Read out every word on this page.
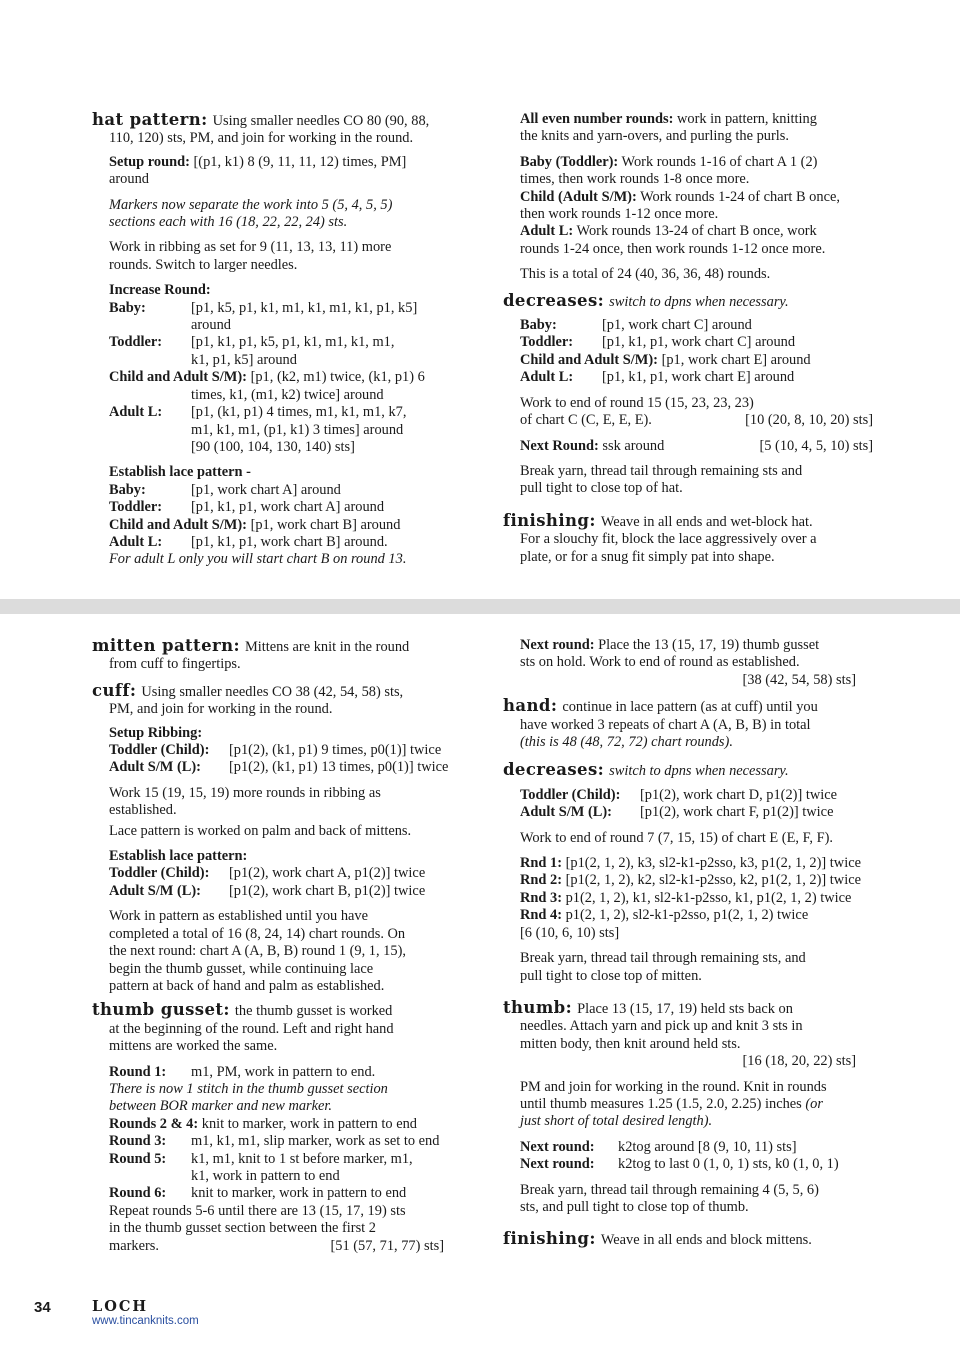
hat pattern: Using smaller needles CO 80 (90, 88,
110, 120) sts, PM, and join for working in the round.

Setup round: [(p1, k1) 8 (9, 11, 11, 12) times, PM]
around

Markers now separate the work into 5 (5, 4, 5, 5)
sections each with 16 (18, 22, 22, 24) sts.

Work in ribbing as set for 9 (11, 13, 13, 11) more
rounds. Switch to larger needles.

Increase Round:
Baby:	[p1, k5, p1, k1, m1, k1, m1, k1, p1, k5]
around
Toddler:	[p1, k1, p1, k5, p1, k1, m1, k1, m1,
k1, p1, k5] around
Child and Adult S/M): [p1, (k2, m1) twice, (k1, p1) 6
times, k1, (m1, k2) twice] around
Adult L:	[p1, (k1, p1) 4 times, m1, k1, m1, k7,
m1, k1, m1, (p1, k1) 3 times] around
[90 (100, 104, 130, 140) sts]
Establish lace pattern -
Baby:	[p1, work chart A] around
Toddler:	[p1, k1, p1, work chart A] around
Child and Adult S/M): [p1, work chart B] around
Adult L:	[p1, k1, p1, work chart B] around.
For adult L only you will start chart B on round 13.

All even number rounds: work in pattern, knitting
the knits and yarn-overs, and purling the purls.

Baby (Toddler): Work rounds 1-16 of chart A 1 (2)
times, then work rounds 1-8 once more.
Child (Adult S/M): Work rounds 1-24 of chart B once,
then work rounds 1-12 once more.
Adult L: Work rounds 13-24 of chart B once, work
rounds 1-24 once, then work rounds 1-12 once more.

This is a total of 24 (40, 36, 36, 48) rounds.

decreases: switch to dpns when necessary.
Baby:	[p1, work chart C] around
Toddler:	[p1, k1, p1, work chart C] around
Child and Adult S/M): [p1, work chart E] around
Adult L:	[p1, k1, p1, work chart E] around
Work to end of round 15 (15, 23, 23, 23)
of chart C (C, E, E, E).	[10 (20, 8, 10, 20) sts]
Next Round: ssk around	[5 (10, 4, 5, 10) sts]

Break yarn, thread tail through remaining sts and
pull tight to close top of hat.

finishing: Weave in all ends and wet-block hat.
For a slouchy fit, block the lace aggressively over a
plate, or for a snug fit simply pat into shape.
mitten pattern: Mittens are knit in the round
from cuff to fingertips.
cuff: Using smaller needles CO 38 (42, 54, 58) sts,
PM, and join for working in the round.
Setup Ribbing:
Toddler (Child):	[p1(2), (k1, p1) 9 times, p0(1)] twice
Adult S/M (L):	[p1(2), (k1, p1) 13 times, p0(1)] twice
Work 15 (19, 15, 19) more rounds in ribbing as
established.

Lace pattern is worked on palm and back of mittens.

Establish lace pattern:
Toddler (Child):	[p1(2), work chart A, p1(2)] twice
Adult S/M (L):	[p1(2), work chart B, p1(2)] twice
Work in pattern as established until you have
completed a total of 16 (8, 24, 14) chart rounds. On
the next round: chart A (A, B, B) round 1 (9, 1, 15),
begin the thumb gusset, while continuing lace
pattern at back of hand and palm as established.
thumb gusset: the thumb gusset is worked
at the beginning of the round. Left and right hand
mittens are worked the same.
Round 1:	m1, PM, work in pattern to end.
There is now 1 stitch in the thumb gusset section
between BOR marker and new marker.
Rounds 2 & 4: knit to marker, work in pattern to end
Round 3:	m1, k1, m1, slip marker, work as set to end
Round 5:	k1, m1, knit to 1 st before marker, m1,
k1, work in pattern to end
Round 6:	knit to marker, work in pattern to end
Repeat rounds 5-6 until there are 13 (15, 17, 19) sts
in the thumb gusset section between the first 2
markers.	[51 (57, 71, 77) sts]
Next round: Place the 13 (15, 17, 19) thumb gusset
sts on hold. Work to end of round as established.
[38 (42, 54, 58) sts]
hand: continue in lace pattern (as at cuff) until you
have worked 3 repeats of chart A (A, B, B) in total
(this is 48 (48, 72, 72) chart rounds).
decreases: switch to dpns when necessary.
Toddler (Child):	[p1(2), work chart D, p1(2)] twice
Adult S/M (L):	[p1(2), work chart F, p1(2)] twice

Work to end of round 7 (7, 15, 15) of chart E (E, F, F).

Rnd 1: [p1(2, 1, 2), k3, sl2-k1-p2sso, k3, p1(2, 1, 2)] twice
Rnd 2: [p1(2, 1, 2), k2, sl2-k1-p2sso, k2, p1(2, 1, 2)] twice
Rnd 3: p1(2, 1, 2), k1, sl2-k1-p2sso, k1, p1(2, 1, 2) twice
Rnd 4: p1(2, 1, 2), sl2-k1-p2sso, p1(2, 1, 2) twice
[6 (10, 6, 10) sts]

Break yarn, thread tail through remaining sts, and
pull tight to close top of mitten.

thumb: Place 13 (15, 17, 19) held sts back on
needles. Attach yarn and pick up and knit 3 sts in
mitten body, then knit around held sts.
[16 (18, 20, 22) sts]

PM and join for working in the round. Knit in rounds
until thumb measures 1.25 (1.5, 2.0, 2.25) inches (or
just short of total desired length).

Next round:	k2tog around [8 (9, 10, 11) sts]
Next round:	k2tog to last 0 (1, 0, 1) sts, k0 (1, 0, 1)

Break yarn, thread tail through remaining 4 (5, 5, 6)
sts, and pull tight to close top of thumb.

finishing: Weave in all ends and block mittens.
34	LOCH
www.tincanknits.com
